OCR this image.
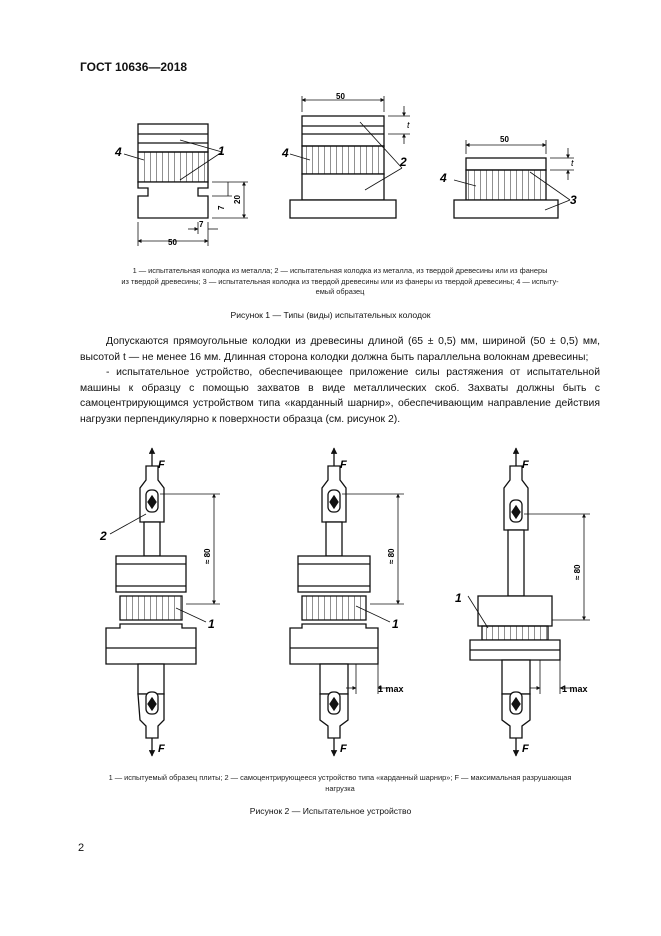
ГОСТ 10636—2018
50
7
7
20
1
4
50
t
2
4
50
t
3
4
F
F
F
F
F
F
2
1	1
1
≈ 80	≈ 80
≈ 80
1 max	1 max
1 — испытательная колодка из металла; 2 — испытательная колодка из металла, из твердой древесины или из фанеры
из твердой древесины; 3 — испытательная колодка из твердой древесины или из фанеры из твердой древесины; 4 — испыту-
емый образец
Рисунок 1 — Типы (виды) испытательных колодок

Допускаются прямоугольные колодки из древесины длиной (65 ± 0,5) мм, шириной (50 ± 0,5) мм, высотой t — не менее 16 мм. Длинная сторона колодки должна быть параллельна волокнам древесины;

- испытательное устройство, обеспечивающее приложение силы растяжения от испытательной машины к образцу с помощью захватов в виде металлических скоб. Захваты должны быть с самоцентрирующимся устройством типа «карданный шарнир», обеспечивающим направление действия нагрузки перпендикулярно к поверхности образца (см. рисунок 2).

1 — испытуемый образец плиты; 2 — самоцентрирующееся устройство типа «карданный шарнир»; F — максимальная разрушающая
нагрузка
Рисунок 2 — Испытательное устройство
2
